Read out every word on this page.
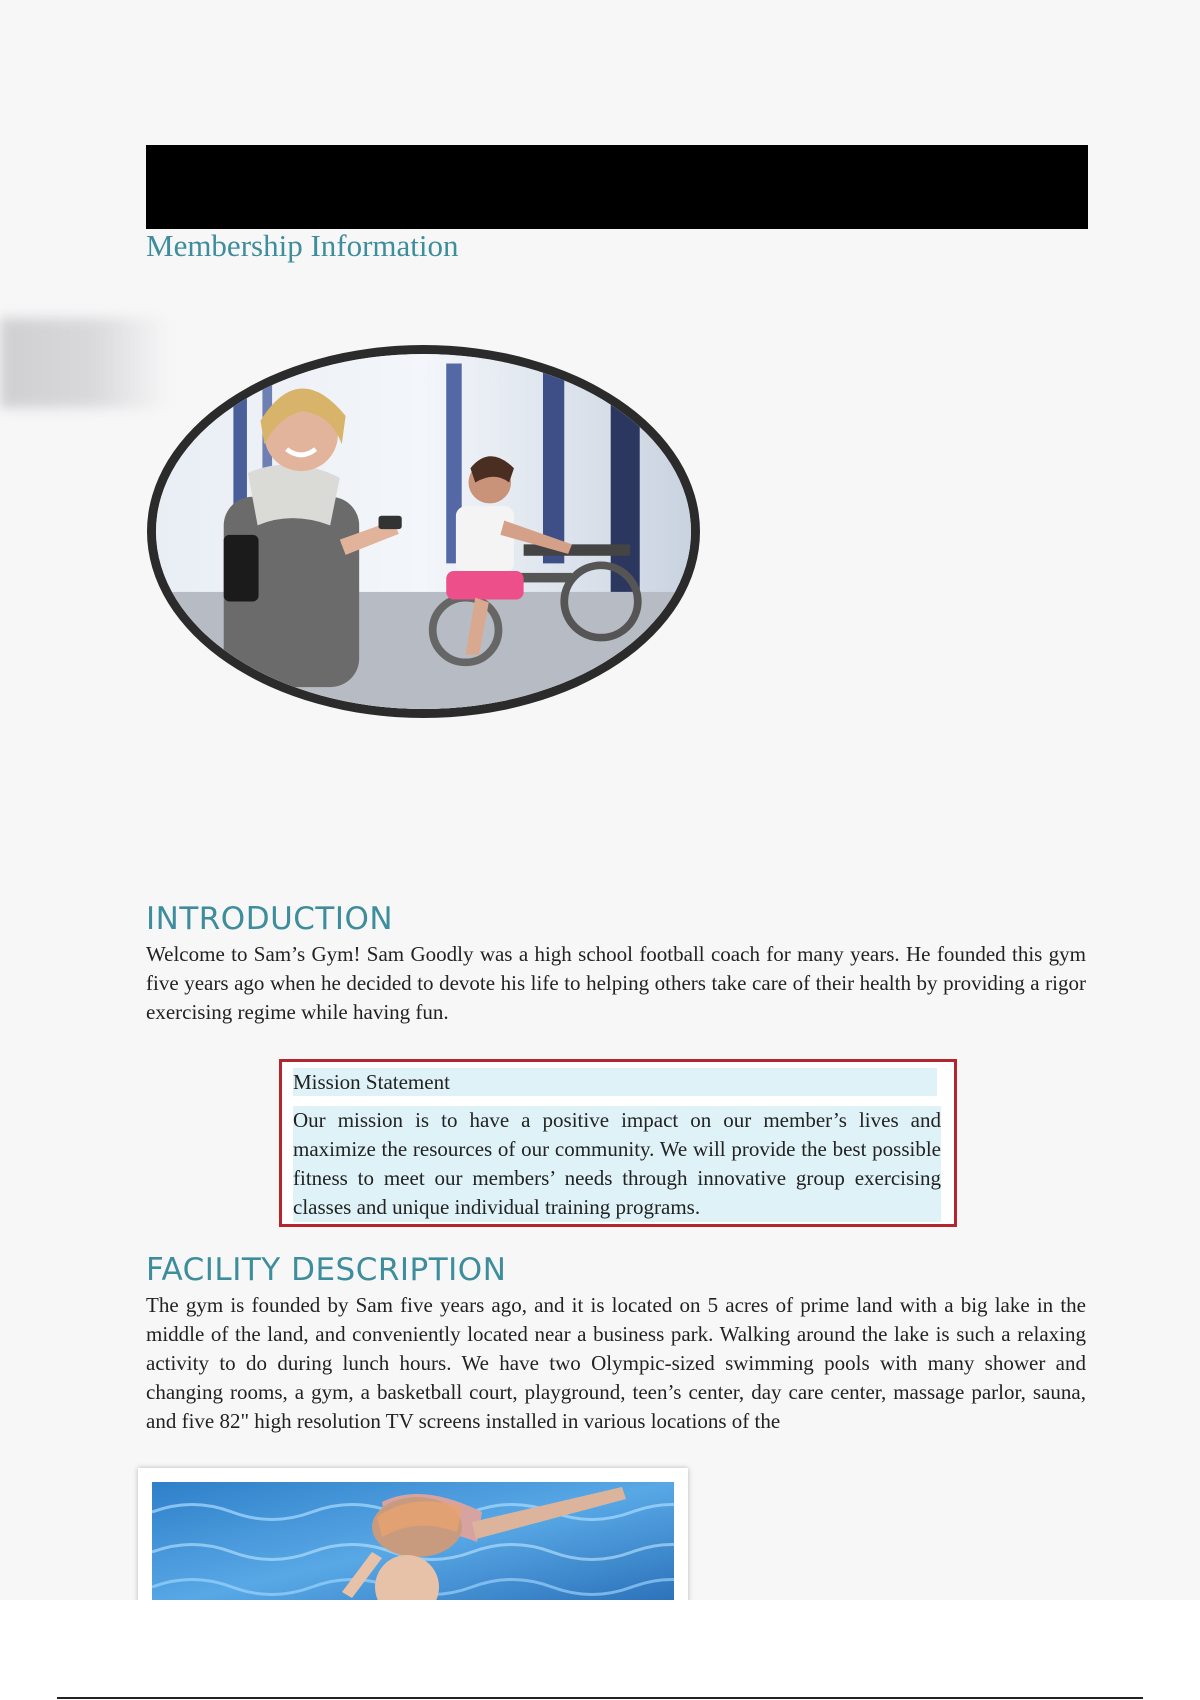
Membership Information
INTRODUCTION
Welcome to Sam’s Gym! Sam Goodly was a high school football coach for many years. He founded this gym five years ago when he decided to devote his life to helping others take care of their health by providing a rigor exercising regime while having fun.
Mission Statement
Our mission is to have a positive impact on our member’s lives and maximize the resources of our community. We will provide the best possible fitness to meet our members’ needs through innovative group exercising classes and unique individual training programs.
FACILITY DESCRIPTION
The gym is founded by Sam five years ago, and it is located on 5 acres of prime land with a big lake in the middle of the land, and conveniently located near a business park. Walking around the lake is such a relaxing activity to do during lunch hours. We have two Olympic-sized swimming pools with many shower and changing rooms, a gym, a basketball court, playground, teen’s center, day care center, massage parlor, sauna, and five 82" high resolution TV screens installed in various locations of the
